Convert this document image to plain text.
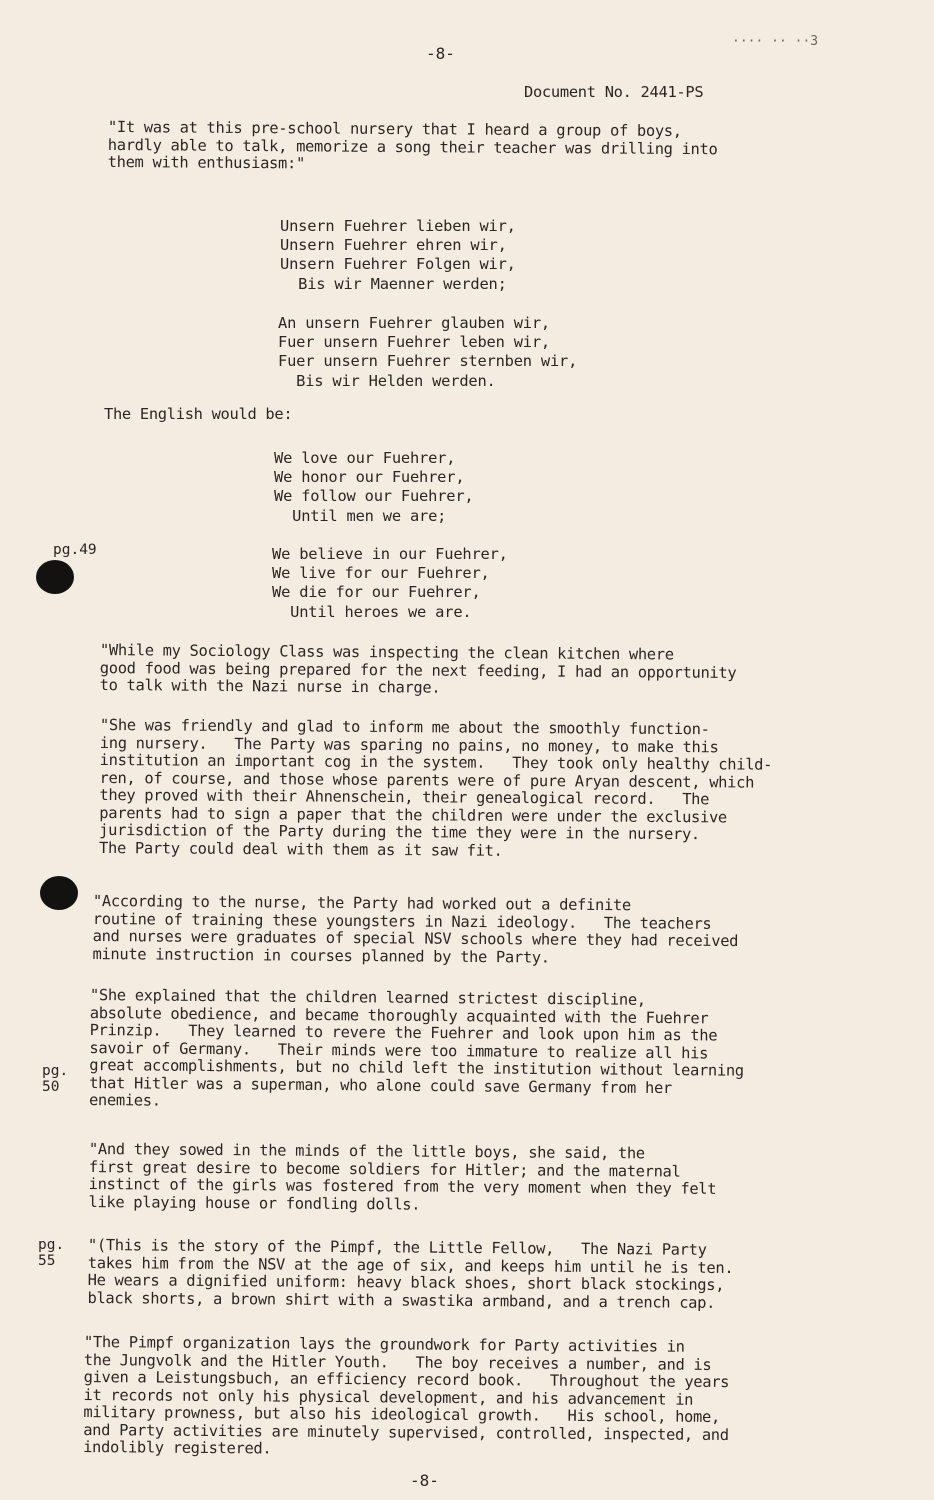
-8-
···· ·· ··3
Document No. 2441-PS
"It was at this pre-school nursery that I heard a group of boys,
hardly able to talk, memorize a song their teacher was drilling into
them with enthusiasm:"
Unsern Fuehrer lieben wir,
Unsern Fuehrer ehren wir,
Unsern Fuehrer Folgen wir,
Bis wir Maenner werden;
An unsern Fuehrer glauben wir,
Fuer unsern Fuehrer leben wir,
Fuer unsern Fuehrer sternben wir,
Bis wir Helden werden.
The English would be:
We love our Fuehrer,
We honor our Fuehrer,
We follow our Fuehrer,
Until men we are;
pg.49	We believe in our Fuehrer,
We live for our Fuehrer,
We die for our Fuehrer,
Until heroes we are.
"While my Sociology Class was inspecting the clean kitchen where
good food was being prepared for the next feeding, I had an opportunity
to talk with the Nazi nurse in charge.
"She was friendly and glad to inform me about the smoothly function-
ing nursery.   The Party was sparing no pains, no money, to make this
institution an important cog in the system.   They took only healthy child-
ren, of course, and those whose parents were of pure Aryan descent, which
they proved with their Ahnenschein, their genealogical record.   The
parents had to sign a paper that the children were under the exclusive
jurisdiction of the Party during the time they were in the nursery.
The Party could deal with them as it saw fit.
"According to the nurse, the Party had worked out a definite
routine of training these youngsters in Nazi ideology.   The teachers
and nurses were graduates of special NSV schools where they had received
minute instruction in courses planned by the Party.
"She explained that the children learned strictest discipline,
absolute obedience, and became thoroughly acquainted with the Fuehrer
Prinzip.   They learned to revere the Fuehrer and look upon him as the
savoir of Germany.   Their minds were too immature to realize all his
great accomplishments, but no child left the institution without learning
that Hitler was a superman, who alone could save Germany from her
enemies.
pg.
50
"And they sowed in the minds of the little boys, she said, the
first great desire to become soldiers for Hitler; and the maternal
instinct of the girls was fostered from the very moment when they felt
like playing house or fondling dolls.
pg.
55
"(This is the story of the Pimpf, the Little Fellow,   The Nazi Party
takes him from the NSV at the age of six, and keeps him until he is ten.
He wears a dignified uniform: heavy black shoes, short black stockings,
black shorts, a brown shirt with a swastika armband, and a trench cap.
"The Pimpf organization lays the groundwork for Party activities in
the Jungvolk and the Hitler Youth.   The boy receives a number, and is
given a Leistungsbuch, an efficiency record book.   Throughout the years
it records not only his physical development, and his advancement in
military prowness, but also his ideological growth.   His school, home,
and Party activities are minutely supervised, controlled, inspected, and
indolibly registered.
-8-
